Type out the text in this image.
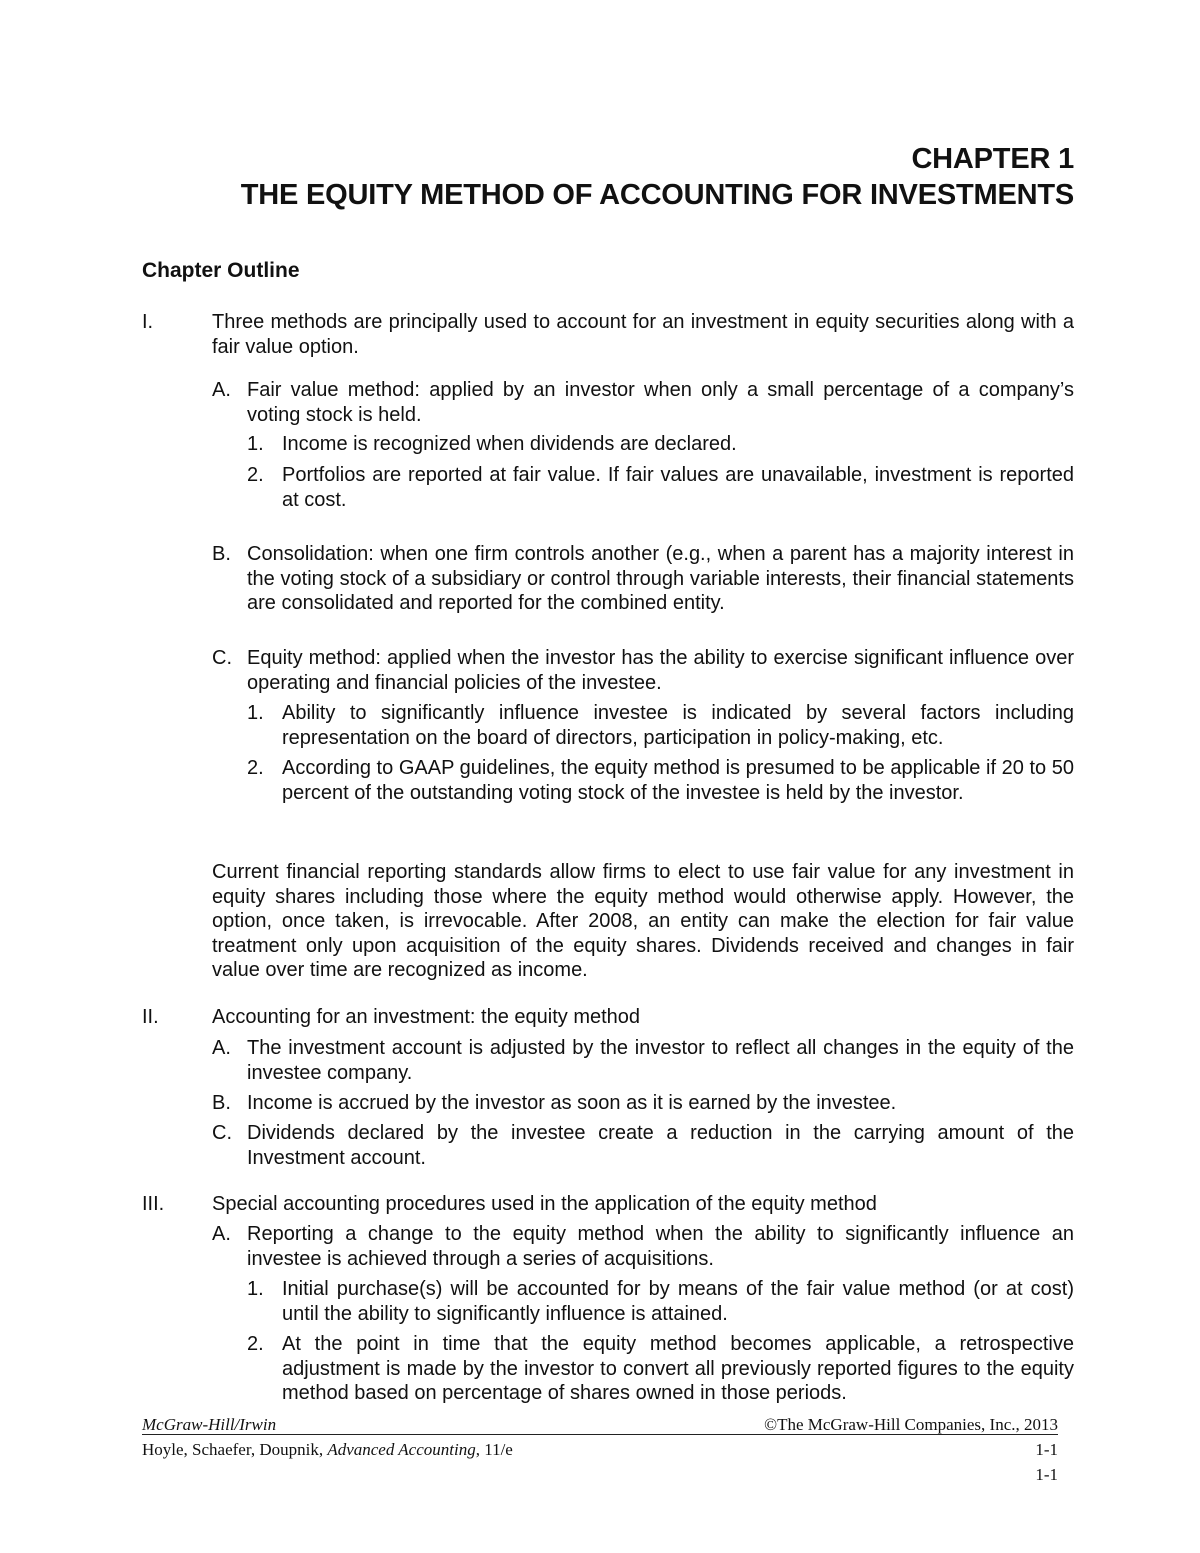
CHAPTER 1
THE EQUITY METHOD OF ACCOUNTING FOR INVESTMENTS
Chapter Outline
I.	Three methods are principally used to account for an investment in equity securities along with a fair value option.
A. Fair value method: applied by an investor when only a small percentage of a company’s voting stock is held.
1. Income is recognized when dividends are declared.
2. Portfolios are reported at fair value. If fair values are unavailable, investment is reported at cost.
B. Consolidation: when one firm controls another (e.g., when a parent has a majority interest in the voting stock of a subsidiary or control through variable interests, their financial statements are consolidated and reported for the combined entity.
C. Equity method: applied when the investor has the ability to exercise significant influence over operating and financial policies of the investee.
1. Ability to significantly influence investee is indicated by several factors including representation on the board of directors, participation in policy-making, etc.
2. According to GAAP guidelines, the equity method is presumed to be applicable if 20 to 50 percent of the outstanding voting stock of the investee is held by the investor.
Current financial reporting standards allow firms to elect to use fair value for any investment in equity shares including those where the equity method would otherwise apply. However, the option, once taken, is irrevocable. After 2008, an entity can make the election for fair value treatment only upon acquisition of the equity shares. Dividends received and changes in fair value over time are recognized as income.
II.	Accounting for an investment: the equity method
A. The investment account is adjusted by the investor to reflect all changes in the equity of the investee company.
B. Income is accrued by the investor as soon as it is earned by the investee.
C. Dividends declared by the investee create a reduction in the carrying amount of the Investment account.
III. Special accounting procedures used in the application of the equity method
A. Reporting a change to the equity method when the ability to significantly influence an investee is achieved through a series of acquisitions.
1. Initial purchase(s) will be accounted for by means of the fair value method (or at cost) until the ability to significantly influence is attained.
2. At the point in time that the equity method becomes applicable, a retrospective adjustment is made by the investor to convert all previously reported figures to the equity method based on percentage of shares owned in those periods.
McGraw-Hill/Irwin	©The McGraw-Hill Companies, Inc., 2013
Hoyle, Schaefer, Doupnik, Advanced Accounting, 11/e	1-1
1-1
